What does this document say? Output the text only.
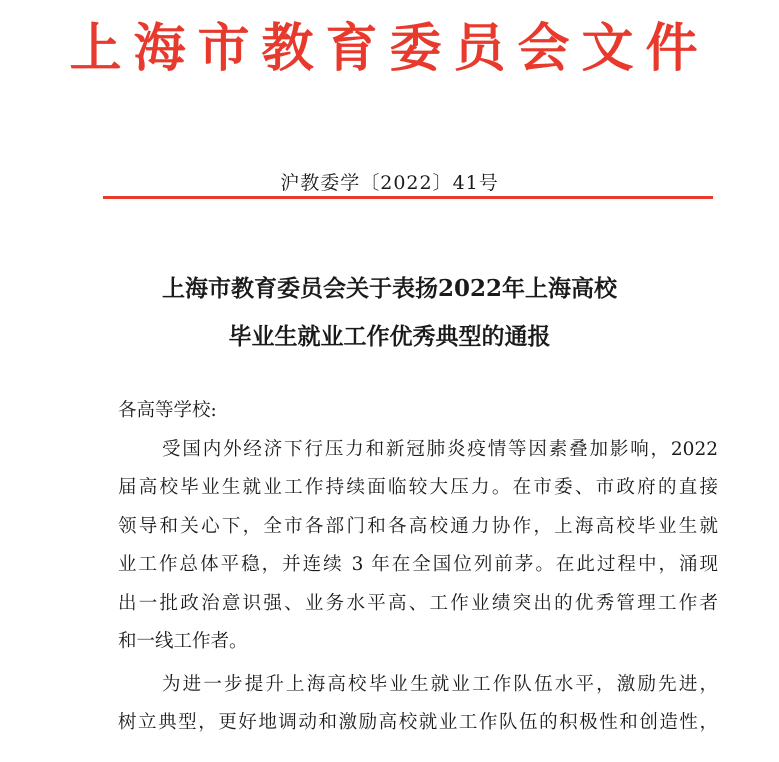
上海市教育委员会文件
沪教委学〔2022〕41号
上海市教育委员会关于表扬2022年上海高校
毕业生就业工作优秀典型的通报
各高等学校:
受国内外经济下行压力和新冠肺炎疫情等因素叠加影响，2022
届高校毕业生就业工作持续面临较大压力。在市委、市政府的直接
领导和关心下，全市各部门和各高校通力协作，上海高校毕业生就
业工作总体平稳，并连续 3 年在全国位列前茅。在此过程中，涌现
出一批政治意识强、业务水平高、工作业绩突出的优秀管理工作者
和一线工作者。
为进一步提升上海高校毕业生就业工作队伍水平，激励先进，
树立典型，更好地调动和激励高校就业工作队伍的积极性和创造性，
